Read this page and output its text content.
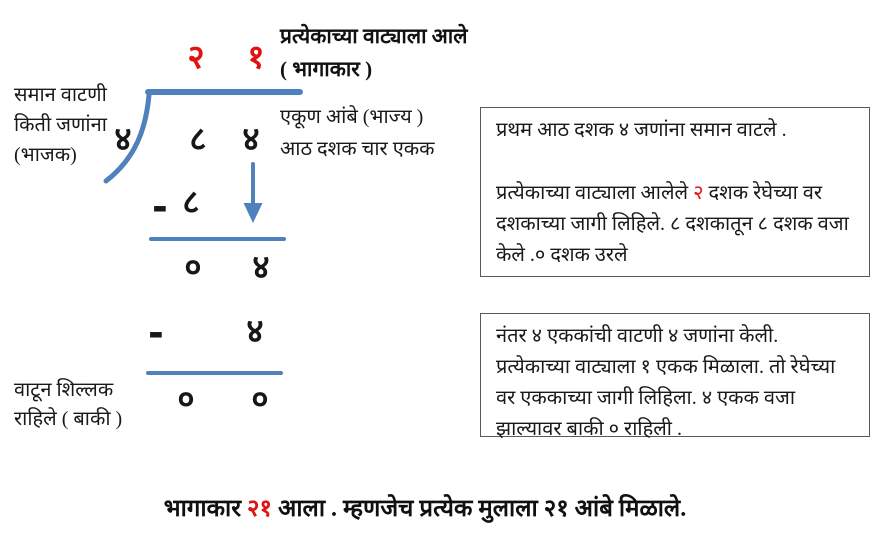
२	१
प्रत्येकाच्या वाट्याला आले
( भागाकार )
समान वाटणी
किती जणांना
(भाजक)	४	८	४
एकूण आंबे (भाज्य )
आठ दशक चार एकक
- ८
०	४
-	४
०	०
वाटून शिल्लक
राहिले ( बाकी )

प्रथम आठ दशक ४ जणांना समान वाटले .

प्रत्येकाच्या वाट्याला आलेले २ दशक रेघेच्या वर दशकाच्या जागी लिहिले. ८ दशकातून ८ दशक वजा केले .० दशक उरले

नंतर ४ एककांची वाटणी ४ जणांना केली. प्रत्येकाच्या वाट्याला १ एकक मिळाला. तो रेघेच्या वर एककाच्या जागी लिहिला. ४ एकक वजा झाल्यावर बाकी ० राहिली .

भागाकार २१ आला . म्हणजेच प्रत्येक मुलाला २१ आंबे मिळाले.
